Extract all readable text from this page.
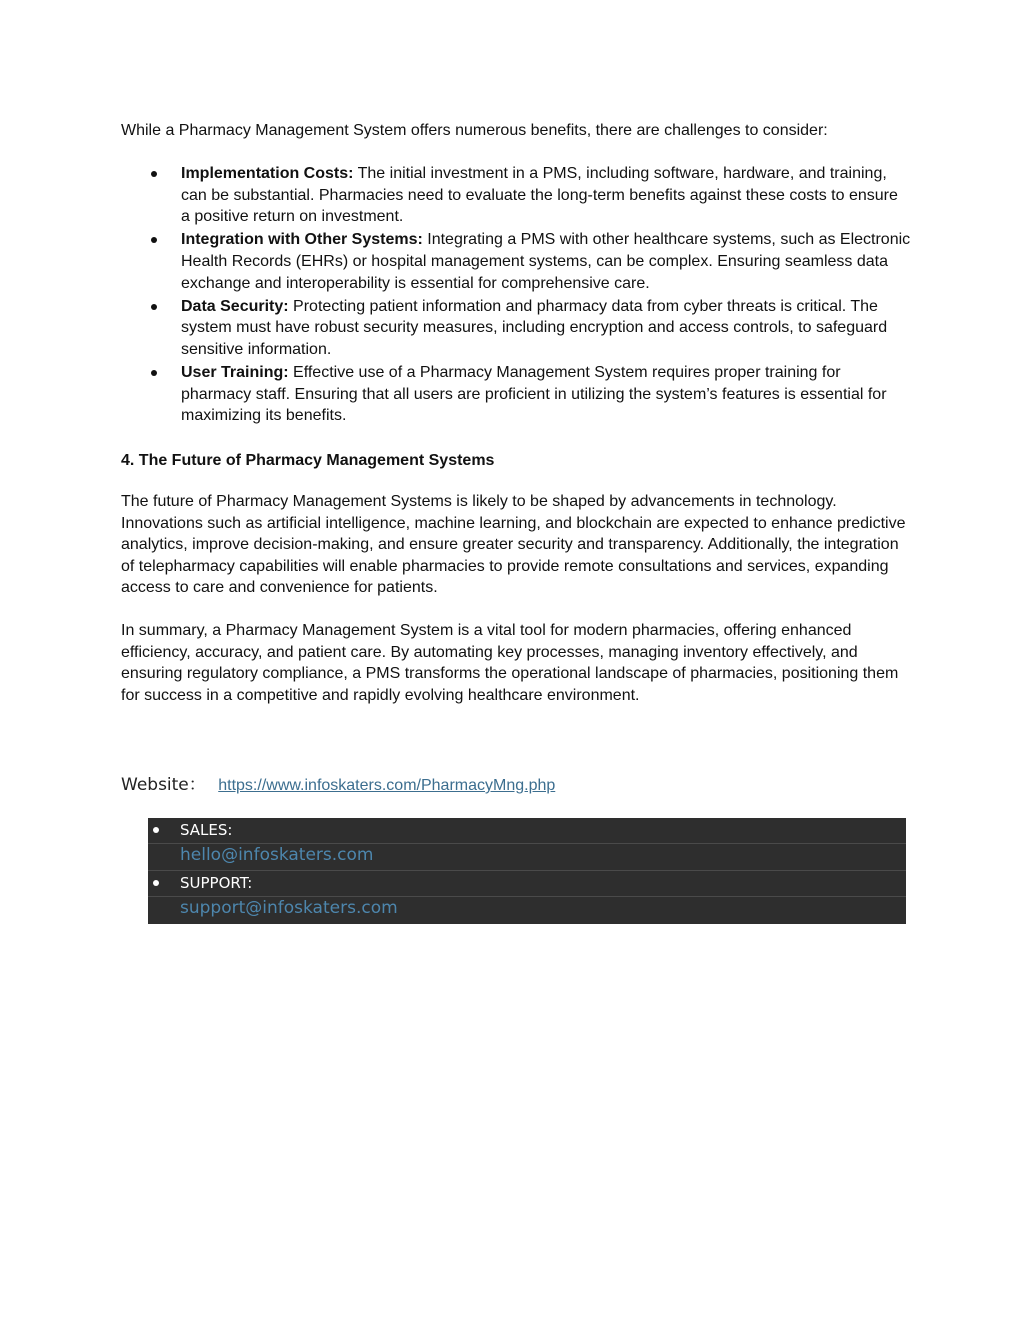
While a Pharmacy Management System offers numerous benefits, there are challenges to consider:

Implementation Costs: The initial investment in a PMS, including software, hardware, and training, can be substantial. Pharmacies need to evaluate the long-term benefits against these costs to ensure a positive return on investment.
Integration with Other Systems: Integrating a PMS with other healthcare systems, such as Electronic Health Records (EHRs) or hospital management systems, can be complex. Ensuring seamless data exchange and interoperability is essential for comprehensive care.
Data Security: Protecting patient information and pharmacy data from cyber threats is critical. The system must have robust security measures, including encryption and access controls, to safeguard sensitive information.
User Training: Effective use of a Pharmacy Management System requires proper training for pharmacy staff. Ensuring that all users are proficient in utilizing the system’s features is essential for maximizing its benefits.

4. The Future of Pharmacy Management Systems

The future of Pharmacy Management Systems is likely to be shaped by advancements in technology. Innovations such as artificial intelligence, machine learning, and blockchain are expected to enhance predictive analytics, improve decision-making, and ensure greater security and transparency. Additionally, the integration of telepharmacy capabilities will enable pharmacies to provide remote consultations and services, expanding access to care and convenience for patients.

In summary, a Pharmacy Management System is a vital tool for modern pharmacies, offering enhanced efficiency, accuracy, and patient care. By automating key processes, managing inventory effectively, and ensuring regulatory compliance, a PMS transforms the operational landscape of pharmacies, positioning them for success in a competitive and rapidly evolving healthcare environment.

Website： https://www.infoskaters.com/PharmacyMng.php
SALES:
hello@infoskaters.com
SUPPORT:
support@infoskaters.com
